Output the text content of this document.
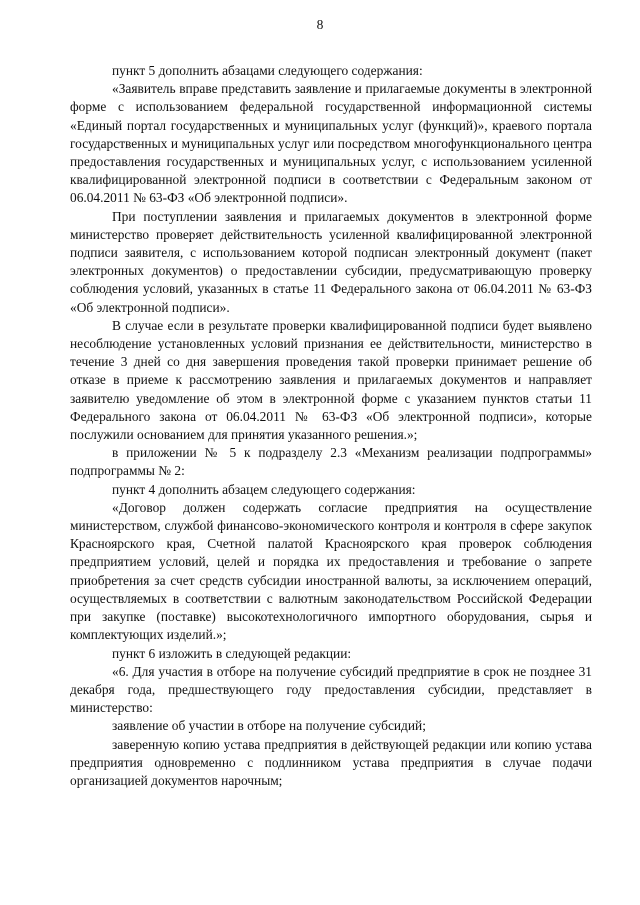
8

пункт 5 дополнить абзацами следующего содержания:

«Заявитель вправе представить заявление и прилагаемые документы в электронной форме с использованием федеральной государственной информационной системы «Единый портал государственных и муниципальных услуг (функций)», краевого портала государственных и муниципальных услуг или посредством многофункционального центра предоставления государственных и муниципальных услуг, с использованием усиленной квалифицированной электронной подписи в соответствии с Федеральным законом от 06.04.2011 № 63-ФЗ «Об электронной подписи».

При поступлении заявления и прилагаемых документов в электронной форме министерство проверяет действительность усиленной квалифицированной электронной подписи заявителя, с использованием которой подписан электронный документ (пакет электронных документов) о предоставлении субсидии, предусматривающую проверку соблюдения условий, указанных в статье 11 Федерального закона от 06.04.2011 № 63-ФЗ «Об электронной подписи».

В случае если в результате проверки квалифицированной подписи будет выявлено несоблюдение установленных условий признания ее действительности, министерство в течение 3 дней со дня завершения проведения такой проверки принимает решение об отказе в приеме к рассмотрению заявления и прилагаемых документов и направляет заявителю уведомление об этом в электронной форме с указанием пунктов статьи 11 Федерального закона от 06.04.2011 № 63-ФЗ «Об электронной подписи», которые послужили основанием для принятия указанного решения.»;

в приложении № 5 к подразделу 2.3 «Механизм реализации подпрограммы» подпрограммы № 2:

пункт 4 дополнить абзацем следующего содержания:

«Договор должен содержать согласие предприятия на осуществление министерством, службой финансово-экономического контроля и контроля в сфере закупок Красноярского края, Счетной палатой Красноярского края проверок соблюдения предприятием условий, целей и порядка их предоставления и требование о запрете приобретения за счет средств субсидии иностранной валюты, за исключением операций, осуществляемых в соответствии с валютным законодательством Российской Федерации при закупке (поставке) высокотехнологичного импортного оборудования, сырья и комплектующих изделий.»;

пункт 6 изложить в следующей редакции:

«6. Для участия в отборе на получение субсидий предприятие в срок не позднее 31 декабря года, предшествующего году предоставления субсидии, представляет в министерство:

заявление об участии в отборе на получение субсидий;

заверенную копию устава предприятия в действующей редакции или копию устава предприятия одновременно с подлинником устава предприятия в случае подачи организацией документов нарочным;
